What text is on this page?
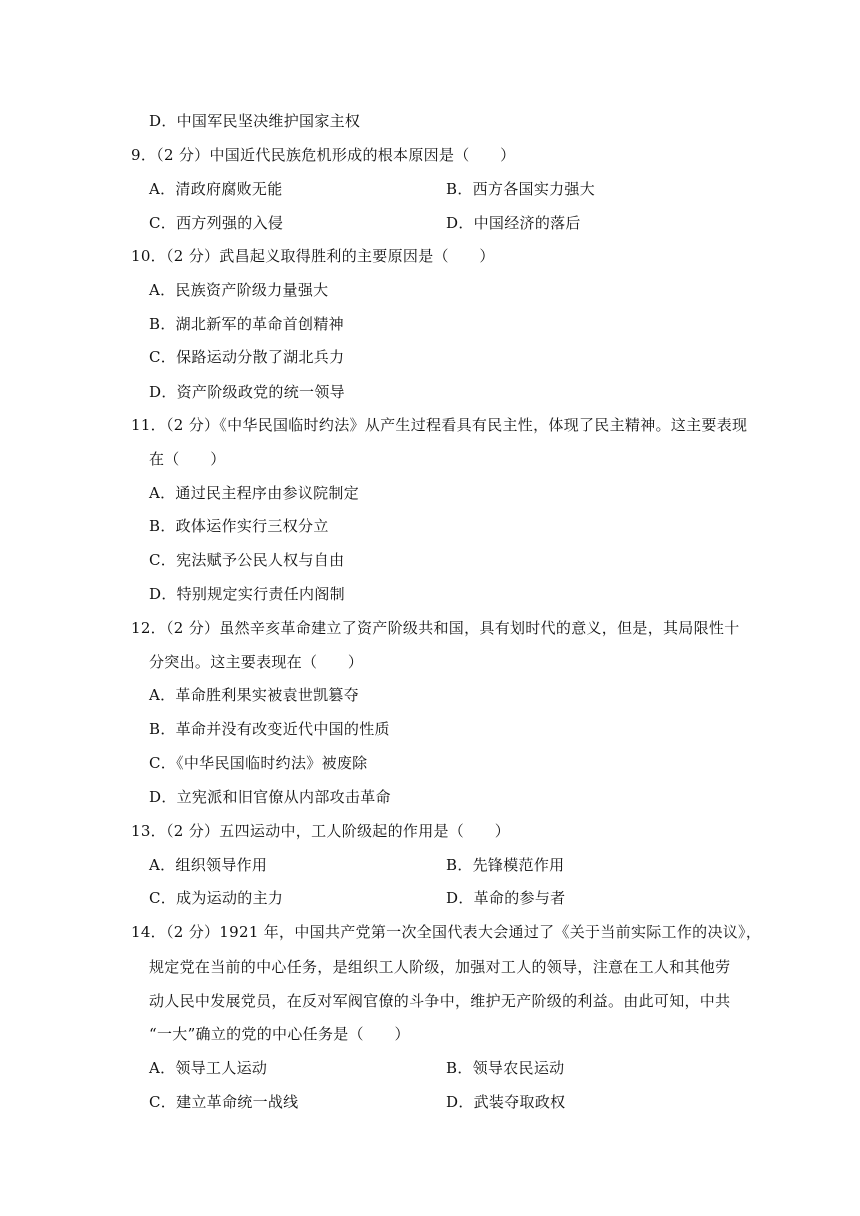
D．中国军民坚决维护国家主权
9．（2 分）中国近代民族危机形成的根本原因是（　　）
A．清政府腐败无能	B．西方各国实力强大
C．西方列强的入侵	D．中国经济的落后
10．（2 分）武昌起义取得胜利的主要原因是（　　）
A．民族资产阶级力量强大
B．湖北新军的革命首创精神
C．保路运动分散了湖北兵力
D．资产阶级政党的统一领导
11．（2 分）《中华民国临时约法》从产生过程看具有民主性，体现了民主精神。这主要表现
在（　　）
A．通过民主程序由参议院制定
B．政体运作实行三权分立
C．宪法赋予公民人权与自由
D．特别规定实行责任内阁制
12．（2 分）虽然辛亥革命建立了资产阶级共和国，具有划时代的意义，但是，其局限性十
分突出。这主要表现在（　　）
A．革命胜利果实被袁世凯篡夺
B．革命并没有改变近代中国的性质
C．《中华民国临时约法》被废除
D．立宪派和旧官僚从内部攻击革命
13．（2 分）五四运动中，工人阶级起的作用是（　　）
A．组织领导作用	B．先锋模范作用
C．成为运动的主力	D．革命的参与者
14．（2 分）1921 年，中国共产党第一次全国代表大会通过了《关于当前实际工作的决议》，
规定党在当前的中心任务，是组织工人阶级，加强对工人的领导，注意在工人和其他劳
动人民中发展党员，在反对军阀官僚的斗争中，维护无产阶级的利益。由此可知，中共
“一大”确立的党的中心任务是（　　）
A．领导工人运动	B．领导农民运动
C．建立革命统一战线	D．武装夺取政权
